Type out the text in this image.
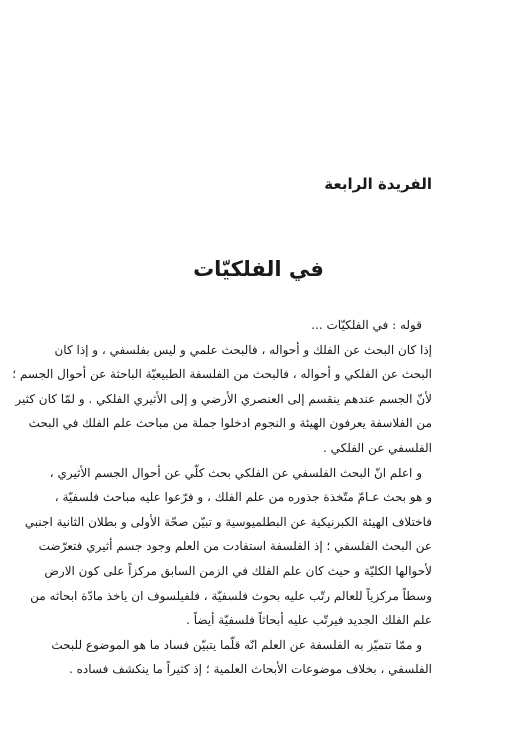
الفريدة الرابعة
في الفلكيّات
قوله : في الفلكيّات ...
إذا كان البحث عن الفلك و أحواله ، فالبحث علمي و ليس بفلسفي ، و إذا كان
البحث عن الفلكي و أحواله ، فالبحث من الفلسفة الطبيعيّة الباحثة عن أحوال الجسم ؛
لأنّ الجسم عندهم ينقسم إلى العنصري الأرضي و إلى الأثيري الفلكي . و لمّا كان كثير
من الفلاسفة يعرفون الهيئة و النجوم ادخلوا جملة من مباحث علم الفلك في البحث
الفلسفي عن الفلكي .
و اعلم انّ البحث الفلسفي عن الفلكي بحث كلّي عن أحوال الجسم الأثيري ،
و هو بحث عـامّ متّخذة جذوره من علم الفلك ، و فرّعوا عليه مباحث فلسفيّة ،
فاختلاف الهيئة الكبرنيكية عن البطلميوسية و تبيّن صحّة الأولى و بطلان الثانية اجنبي
عن البحث الفلسفي ؛ إذ الفلسفة استفادت من العلم وجود جسم أثيري فتعرّضت
لأحوالها الكليّة و حيث كان علم الفلك في الزمن السابق مركزاً على كون الارض
وسطاً مركزياً للعالم رتّب عليه بحوث فلسفيّة ، فلفيلسوف ان ياخذ مادّة ابحاثه من
علم الفلك الجديد فيرتّب عليه أبحاثاً فلسفيّة أيضاً .
و ممّا تتميّز به الفلسفة عن العلم انّه قلّما يتبيّن فساد ما هو الموضوع للبحث
الفلسفي ، بخلاف موضوعات الأبحاث العلمية ؛ إذ كثيراً ما ينكشف فساده .
